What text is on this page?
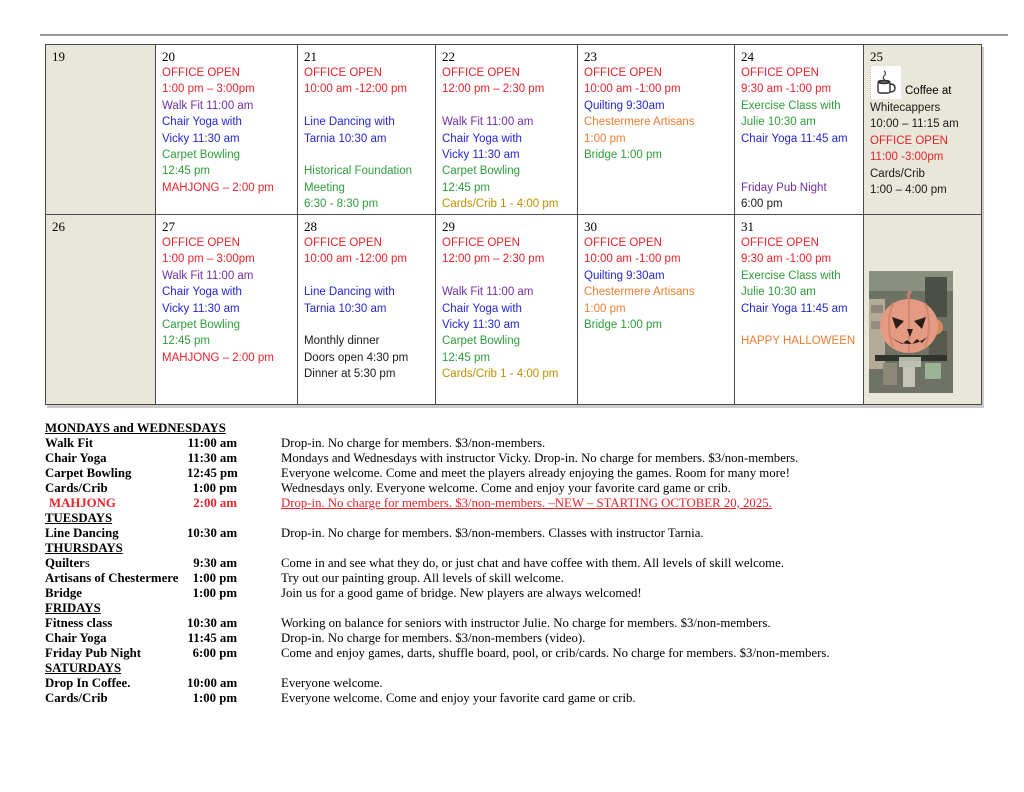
19	20
OFFICE OPEN
1:00 pm – 3:00pm
Walk Fit 11:00 am
Chair Yoga with
Vicky 11:30 am
Carpet Bowling
12:45 pm
MAHJONG – 2:00 pm
21
OFFICE OPEN
10:00 am -12:00 pm

Line Dancing with
Tarnia 10:30 am

Historical Foundation
Meeting
6:30 - 8:30 pm
22
OFFICE OPEN
12:00 pm – 2:30 pm

Walk Fit 11:00 am
Chair Yoga with
Vicky 11:30 am
Carpet Bowling
12:45 pm
Cards/Crib 1 - 4:00 pm
23
OFFICE OPEN
10:00 am -1:00 pm
Quilting 9:30am
Chestermere Artisans
1:00 pm
Bridge 1:00 pm
24
OFFICE OPEN
9:30 am -1:00 pm
Exercise Class with
Julie 10:30 am
Chair Yoga 11:45 am

Friday Pub Night
6:00 pm
25
Coffee at
Whitecappers
10:00 – 11:15 am
OFFICE OPEN
11:00 -3:00pm
Cards/Crib
1:00 – 4:00 pm
26	27
OFFICE OPEN
1:00 pm – 3:00pm
Walk Fit 11:00 am
Chair Yoga with
Vicky 11:30 am
Carpet Bowling
12:45 pm
MAHJONG – 2:00 pm
28
OFFICE OPEN
10:00 am -12:00 pm

Line Dancing with
Tarnia 10:30 am

Monthly dinner
Doors open 4:30 pm
Dinner at 5:30 pm
29
OFFICE OPEN
12:00 pm – 2:30 pm

Walk Fit 11:00 am
Chair Yoga with
Vicky 11:30 am
Carpet Bowling
12:45 pm
Cards/Crib 1 - 4:00 pm
30
OFFICE OPEN
10:00 am -1:00 pm
Quilting 9:30am
Chestermere Artisans
1:00 pm
Bridge 1:00 pm
31
OFFICE OPEN
9:30 am -1:00 pm
Exercise Class with
Julie 10:30 am
Chair Yoga 11:45 am

HAPPY HALLOWEEN
MONDAYS and WEDNESDAYS
Walk Fit	11:00 am	Drop-in. No charge for members. $3/non-members.
Chair Yoga	11:30 am	Mondays and Wednesdays with instructor Vicky. Drop-in. No charge for members. $3/non-members.
Carpet Bowling	12:45 pm	Everyone welcome. Come and meet the players already enjoying the games. Room for many more!
Cards/Crib	1:00 pm	Wednesdays only. Everyone welcome. Come and enjoy your favorite card game or crib.
MAHJONG	2:00 am	Drop-in. No charge for members. $3/non-members. –NEW – STARTING OCTOBER 20, 2025.
TUESDAYS
Line Dancing	10:30 am	Drop-in. No charge for members. $3/non-members. Classes with instructor Tarnia.
THURSDAYS
Quilters	9:30 am	Come in and see what they do, or just chat and have coffee with them. All levels of skill welcome.
Artisans of Chestermere	1:00 pm	Try out our painting group. All levels of skill welcome.
Bridge	1:00 pm	Join us for a good game of bridge. New players are always welcomed!
FRIDAYS
Fitness class	10:30 am	Working on balance for seniors with instructor Julie. No charge for members. $3/non-members.
Chair Yoga	11:45 am	Drop-in. No charge for members. $3/non-members (video).
Friday Pub Night	6:00 pm	Come and enjoy games, darts, shuffle board, pool, or crib/cards. No charge for members. $3/non-members.
SATURDAYS
Drop In Coffee.	10:00 am	Everyone welcome.
Cards/Crib	1:00 pm	Everyone welcome. Come and enjoy your favorite card game or crib.
